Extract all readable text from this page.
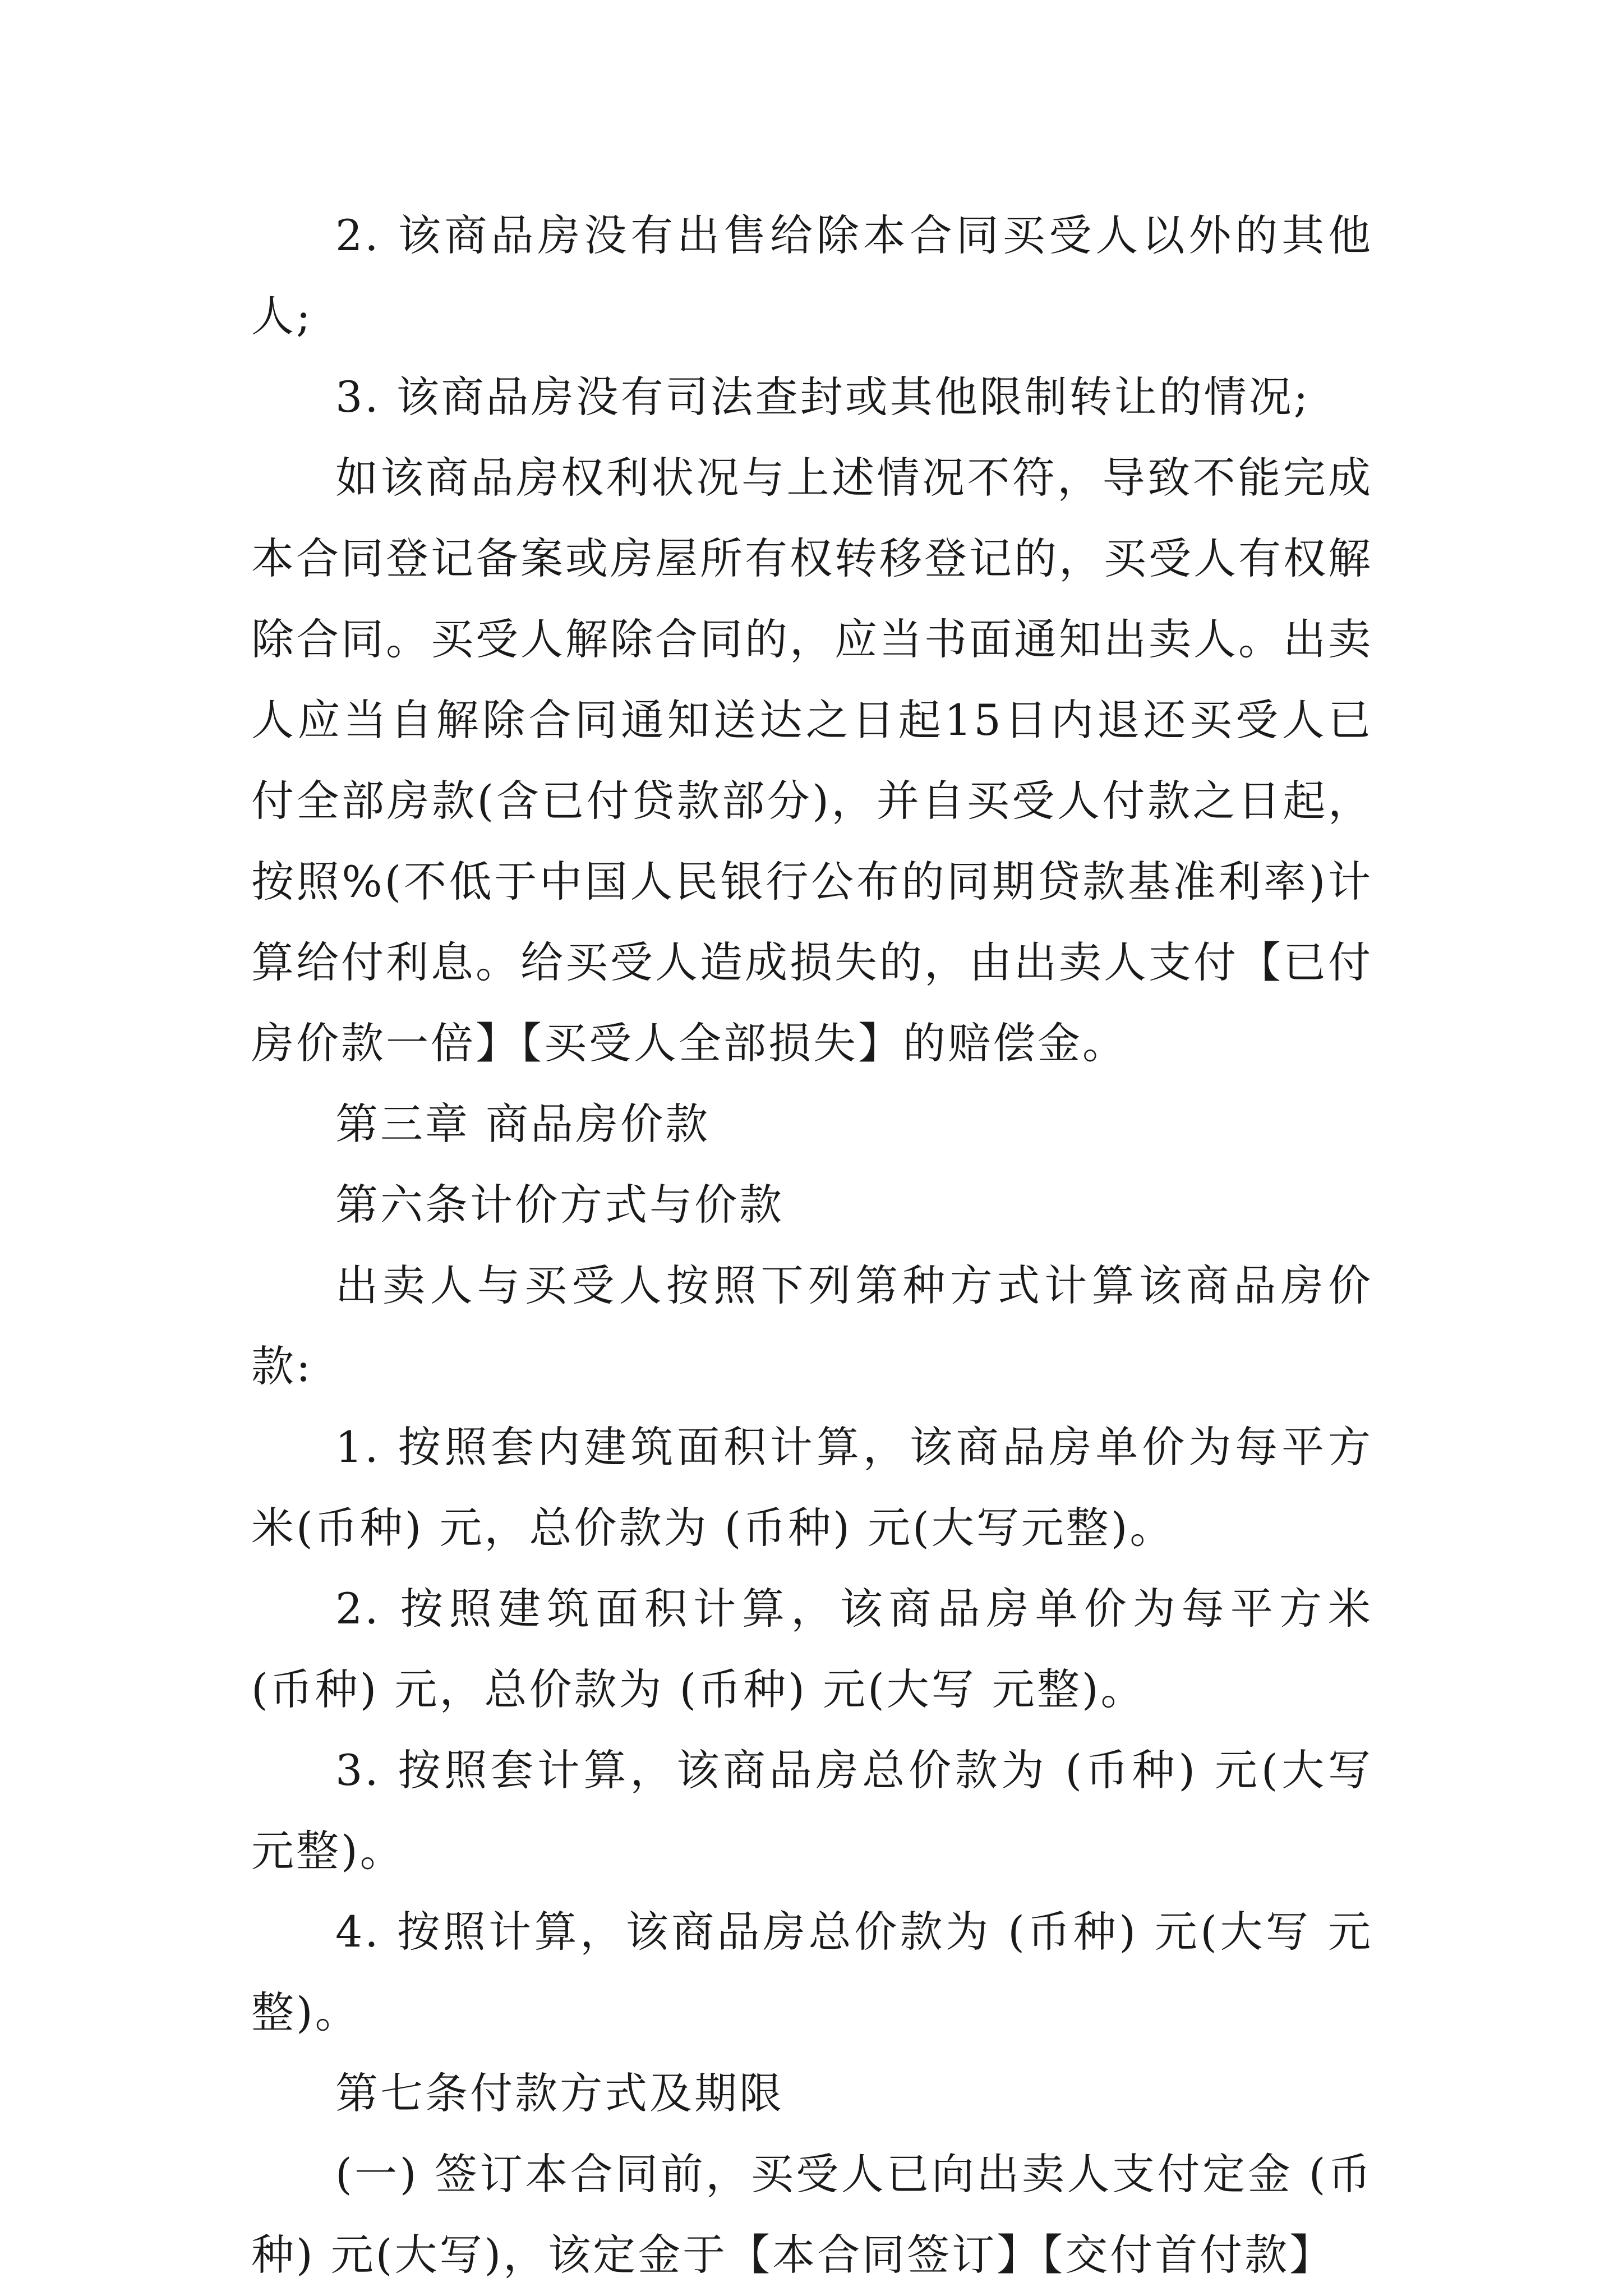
2. 该商品房没有出售给除本合同买受人以外的其他人;

3. 该商品房没有司法查封或其他限制转让的情况;

如该商品房权利状况与上述情况不符，导致不能完成本合同登记备案或房屋所有权转移登记的，买受人有权解除合同。买受人解除合同的，应当书面通知出卖人。出卖人应当自解除合同通知送达之日起15日内退还买受人已付全部房款(含已付贷款部分)，并自买受人付款之日起，按照%(不低于中国人民银行公布的同期贷款基准利率)计算给付利息。给买受人造成损失的，由出卖人支付【已付房价款一倍】【买受人全部损失】的赔偿金。

第三章 商品房价款

第六条计价方式与价款

出卖人与买受人按照下列第种方式计算该商品房价款:

1. 按照套内建筑面积计算，该商品房单价为每平方米(币种) 元，总价款为 (币种) 元(大写元整)。

2. 按照建筑面积计算，该商品房单价为每平方米 (币种) 元，总价款为 (币种) 元(大写 元整)。

3. 按照套计算，该商品房总价款为 (币种) 元(大写元整)。

4. 按照计算，该商品房总价款为 (币种) 元(大写 元整)。

第七条付款方式及期限

(一) 签订本合同前，买受人已向出卖人支付定金 (币种) 元(大写)，该定金于【本合同签订】【交付首付款】
